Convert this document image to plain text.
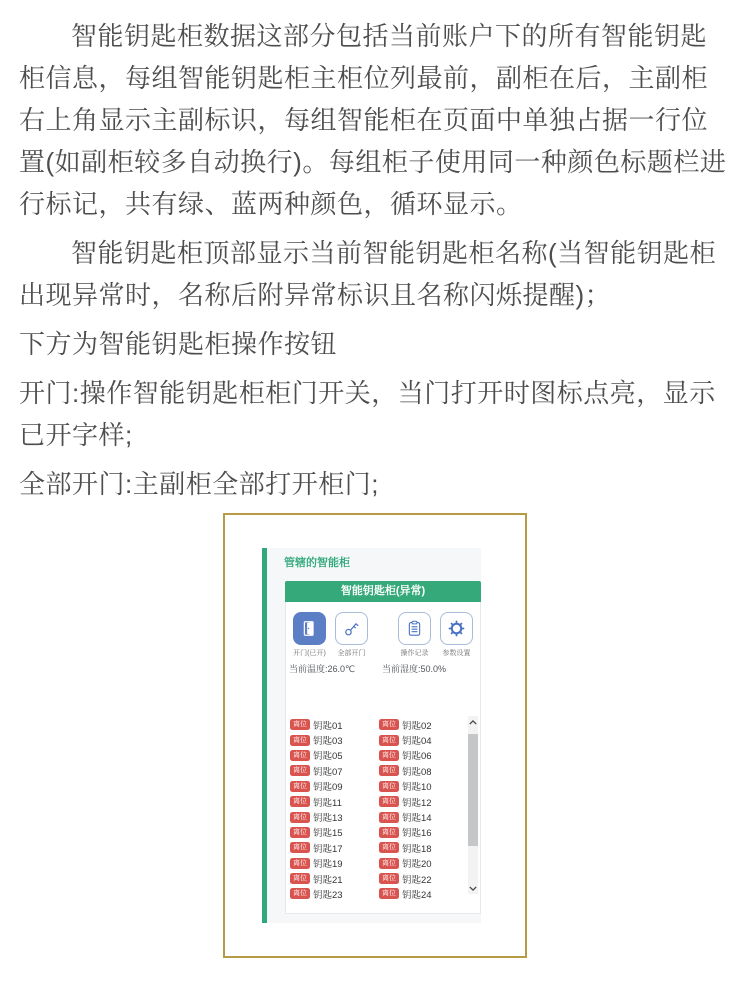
智能钥匙柜数据这部分包括当前账户下的所有智能钥匙柜信息，每组智能钥匙柜主柜位列最前，副柜在后，主副柜右上角显示主副标识，每组智能柜在页面中单独占据一行位置(如副柜较多自动换行)。每组柜子使用同一种颜色标题栏进行标记，共有绿、蓝两种颜色，循环显示。

智能钥匙柜顶部显示当前智能钥匙柜名称(当智能钥匙柜出现异常时，名称后附异常标识且名称闪烁提醒)；

下方为智能钥匙柜操作按钮

开门:操作智能钥匙柜柜门开关，当门打开时图标点亮，显示已开字样;

全部开门:主副柜全部打开柜门;

管辖的智能柜
智能钥匙柜(异常)
开门(已开) 全部开门	操作记录 参数设置
当前温度:26.0℃	当前湿度:50.0%
离位 钥匙01	离位 钥匙02
离位 钥匙03	离位 钥匙04
离位 钥匙05	离位 钥匙06
离位 钥匙07	离位 钥匙08
离位 钥匙09	离位 钥匙10
离位 钥匙11	离位 钥匙12
离位 钥匙13	离位 钥匙14
离位 钥匙15	离位 钥匙16
离位 钥匙17	离位 钥匙18
离位 钥匙19	离位 钥匙20
离位 钥匙21	离位 钥匙22
离位 钥匙23	离位 钥匙24
